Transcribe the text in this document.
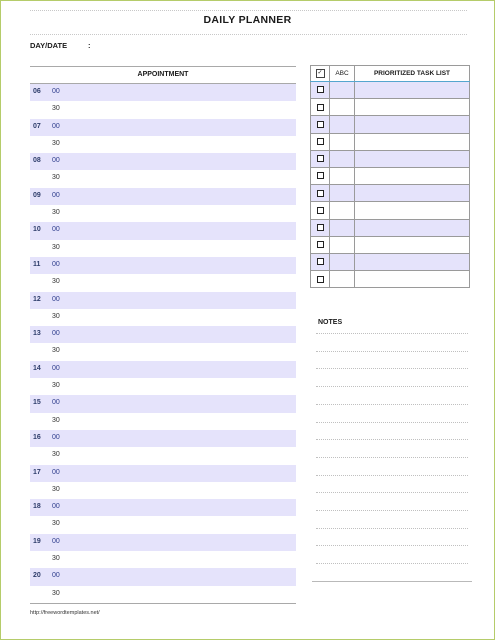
DAILY PLANNER
DAY/DATE	:
APPOINTMENT
06 00
30
07 00
30
08 00
30
09 00
30
10 00
30
11 00
30
12 00
30
13 00
30
14 00
30
15 00
30
16 00
30
17 00
30
18 00
30
19 00
30
20 00
30
✓	ABC	PRIORITIZED TASK LIST

NOTES
http://freewordtemplates.net/
